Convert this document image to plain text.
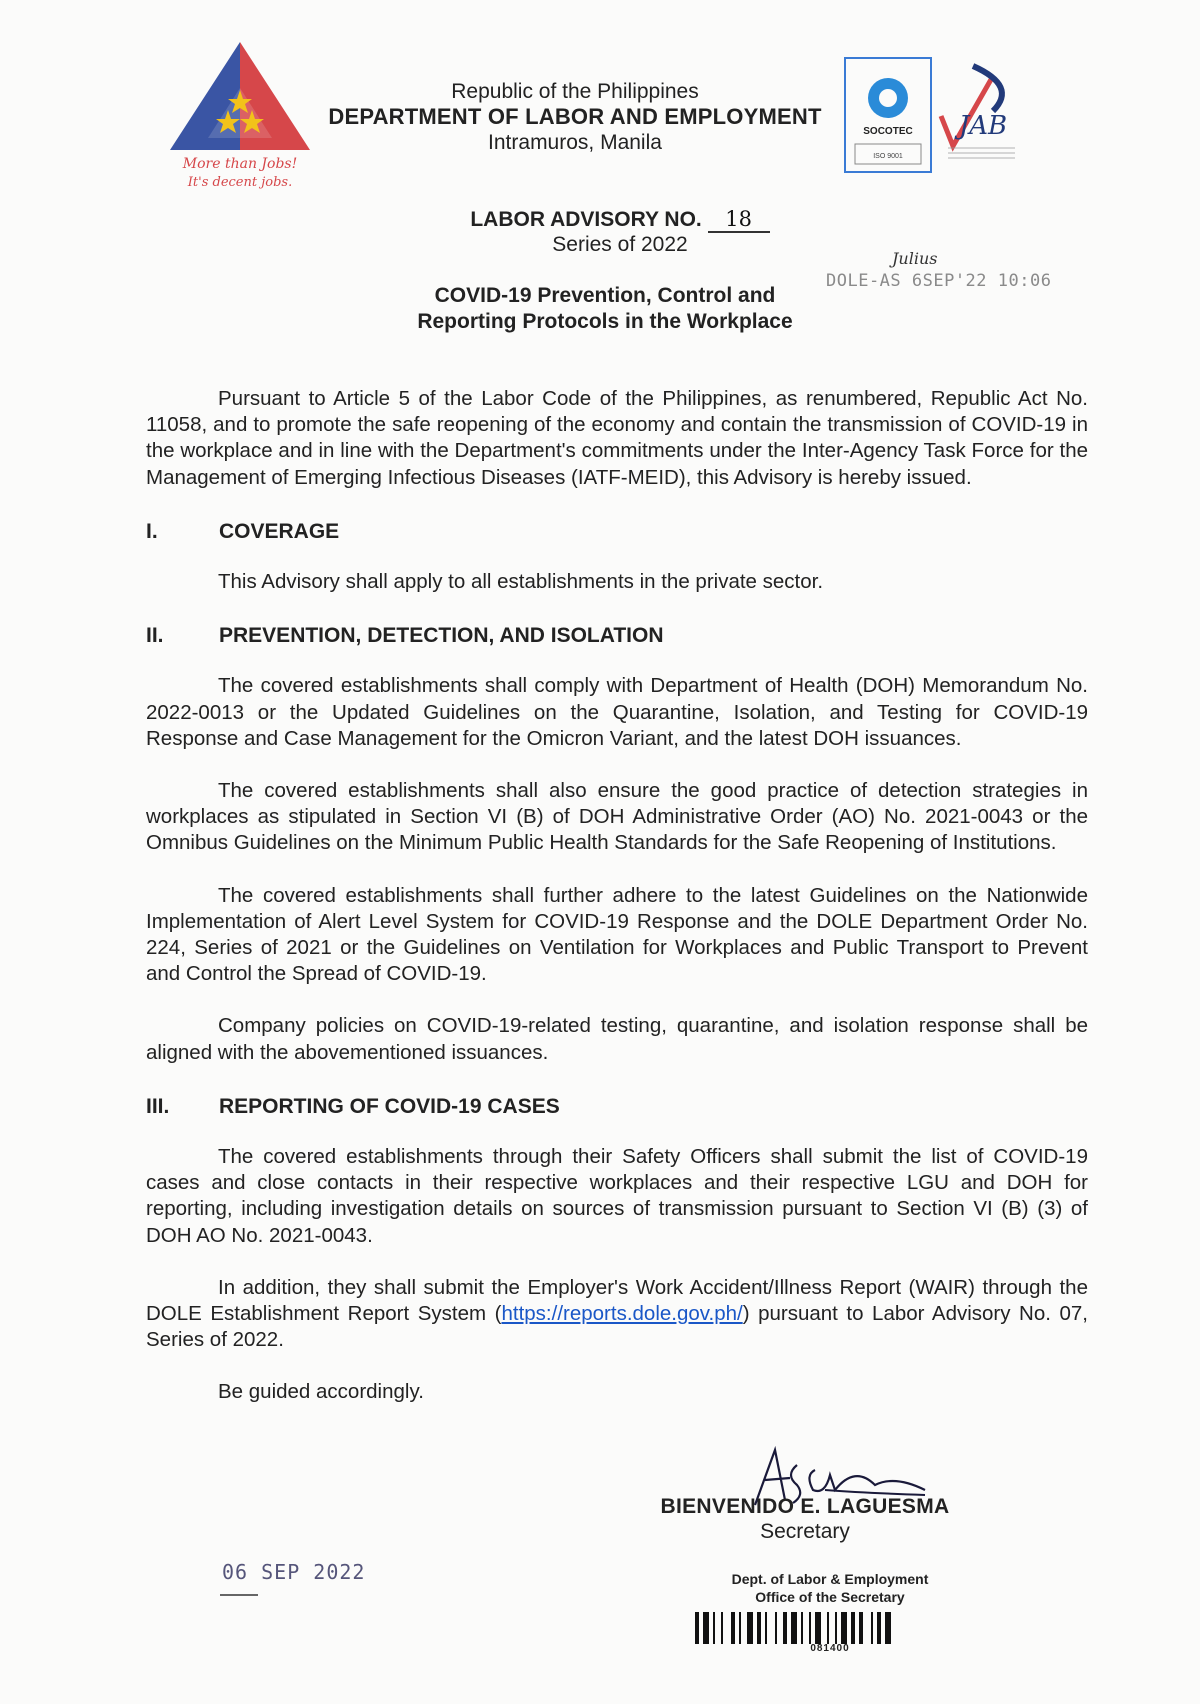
More than Jobs!
It's decent jobs.
Republic of the Philippines
DEPARTMENT OF LABOR AND EMPLOYMENT
Intramuros, Manila	SOCOTEC
ISO 9001
JAB
LABOR ADVISORY NO. 18
Series of 2022
COVID-19 Prevention, Control and
Reporting Protocols in the Workplace
Julius
DOLE-AS 6SEP'22 10:06

Pursuant to Article 5 of the Labor Code of the Philippines, as renumbered, Republic Act No. 11058, and to promote the safe reopening of the economy and contain the transmission of COVID-19 in the workplace and in line with the Department's commitments under the Inter-Agency Task Force for the Management of Emerging Infectious Diseases (IATF-MEID), this Advisory is hereby issued.

I.	COVERAGE

This Advisory shall apply to all establishments in the private sector.

II.	PREVENTION, DETECTION, AND ISOLATION

The covered establishments shall comply with Department of Health (DOH) Memorandum No. 2022-0013 or the Updated Guidelines on the Quarantine, Isolation, and Testing for COVID-19 Response and Case Management for the Omicron Variant, and the latest DOH issuances.

The covered establishments shall also ensure the good practice of detection strategies in workplaces as stipulated in Section VI (B) of DOH Administrative Order (AO) No. 2021-0043 or the Omnibus Guidelines on the Minimum Public Health Standards for the Safe Reopening of Institutions.

The covered establishments shall further adhere to the latest Guidelines on the Nationwide Implementation of Alert Level System for COVID-19 Response and the DOLE Department Order No. 224, Series of 2021 or the Guidelines on Ventilation for Workplaces and Public Transport to Prevent and Control the Spread of COVID-19.

Company policies on COVID-19-related testing, quarantine, and isolation response shall be aligned with the abovementioned issuances.

III.	REPORTING OF COVID-19 CASES

The covered establishments through their Safety Officers shall submit the list of COVID-19 cases and close contacts in their respective workplaces and their respective LGU and DOH for reporting, including investigation details on sources of transmission pursuant to Section VI (B) (3) of DOH AO No. 2021-0043.

In addition, they shall submit the Employer's Work Accident/Illness Report (WAIR) through the DOLE Establishment Report System (https://reports.dole.gov.ph/) pursuant to Labor Advisory No. 07, Series of 2022.

Be guided accordingly.

BIENVENIDO E. LAGUESMA
Secretary
06 SEP 2022	Dept. of Labor & Employment
Office of the Secretary
081400
